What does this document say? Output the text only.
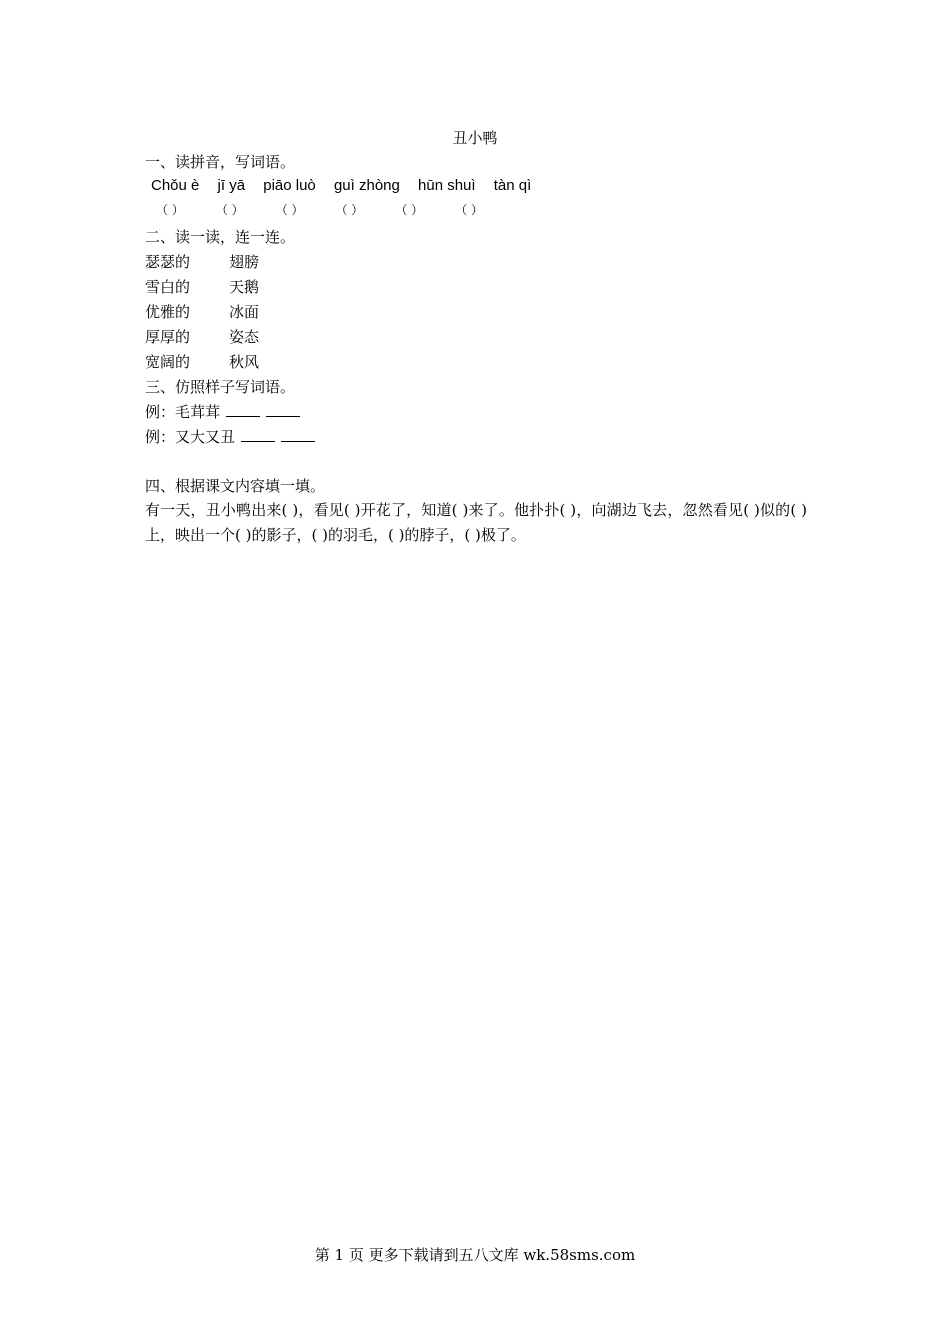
丑小鸭
一、读拼音，写词语。
Chǒu è jī yā piāo luò guì zhòng hūn shuì tàn qì
（ ）	（ ）	（ ）	（ ）	（ ）	（ ）
二、读一读，连一连。
瑟瑟的	翅膀
雪白的	天鹅
优雅的	冰面
厚厚的	姿态
宽阔的	秋风
三、仿照样子写词语。
例：毛茸茸
例：又大又丑
四、根据课文内容填一填。
有一天，丑小鸭出来( )，看见( )开花了，知道( )来了。他扑扑( )，向湖边飞去，忽然看见( )似的( )上，映出一个( )的影子，( )的羽毛，( )的脖子，( )极了。
第 1 页 更多下载请到五八文库 wk.58sms.com
